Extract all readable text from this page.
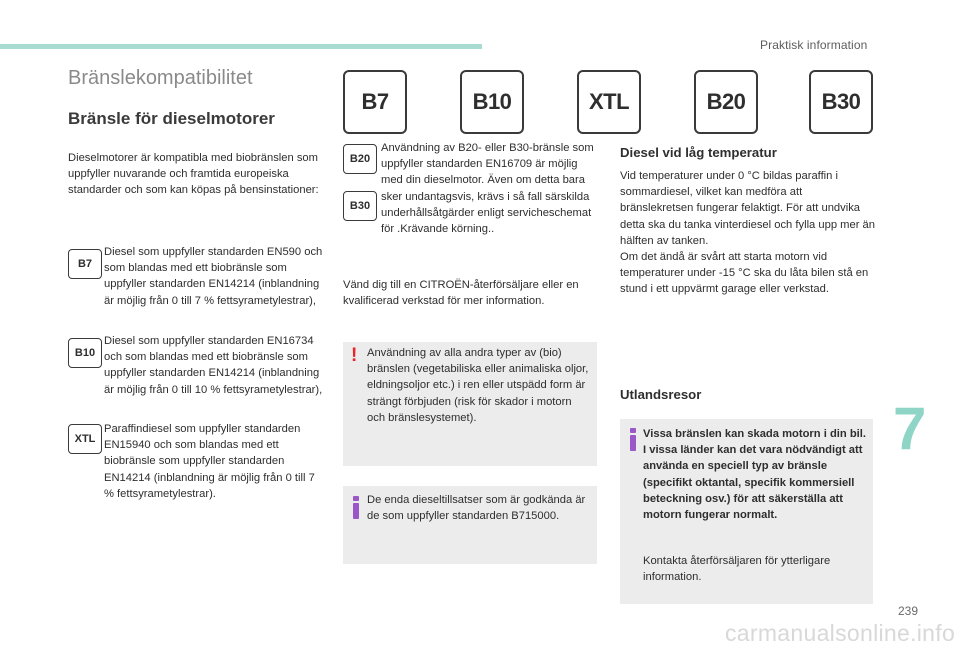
Praktisk information
Bränslekompatibilitet
Bränsle för dieselmotorer
B7	B10	XTL	B20	B30
Dieselmotorer är kompatibla med biobränslen som uppfyller nuvarande och framtida europeiska standarder och som kan köpas på bensinstationer:
B7
Diesel som uppfyller standarden EN590 och som blandas med ett biobränsle som uppfyller standarden EN14214 (inblandning är möjlig från 0 till 7 % fettsyrametylestrar),
B10
Diesel som uppfyller standarden EN16734 och som blandas med ett biobränsle som uppfyller standarden EN14214 (inblandning är möjlig från 0 till 10 % fettsyrametylestrar),
XTL
Paraffindiesel som uppfyller standarden EN15940 och som blandas med ett biobränsle som uppfyller standarden EN14214 (inblandning är möjlig från 0 till 7 % fettsyrametylestrar).
B20
B30
Användning av B20- eller B30-bränsle som uppfyller standarden EN16709 är möjlig med din dieselmotor. Även om detta bara sker undantagsvis, krävs i så fall särskilda underhållsåtgärder enligt servicheschemat för .Krävande körning..
Vänd dig till en CITROËN-återförsäljare eller en kvalificerad verkstad för mer information.
! Användning av alla andra typer av (bio) bränslen (vegetabiliska eller animaliska oljor, eldningsoljor etc.) i ren eller utspädd form är strängt förbjuden (risk för skador i motorn och bränslesystemet).
De enda dieseltillsatser som är godkända är de som uppfyller standarden B715000.
Diesel vid låg temperatur
Vid temperaturer under 0 °C bildas paraffin i sommardiesel, vilket kan medföra att bränslekretsen fungerar felaktigt. För att undvika detta ska du tanka vinterdiesel och fylla upp mer än hälften av tanken.
Om det ändå är svårt att starta motorn vid temperaturer under -15 °C ska du låta bilen stå en stund i ett uppvärmt garage eller verkstad.
Utlandsresor
Vissa bränslen kan skada motorn i din bil. I vissa länder kan det vara nödvändigt att använda en speciell typ av bränsle (specifikt oktantal, specifik kommersiell beteckning osv.) för att säkerställa att motorn fungerar normalt.
Kontakta återförsäljaren för ytterligare information.
7
239
carmanualsonline.info
